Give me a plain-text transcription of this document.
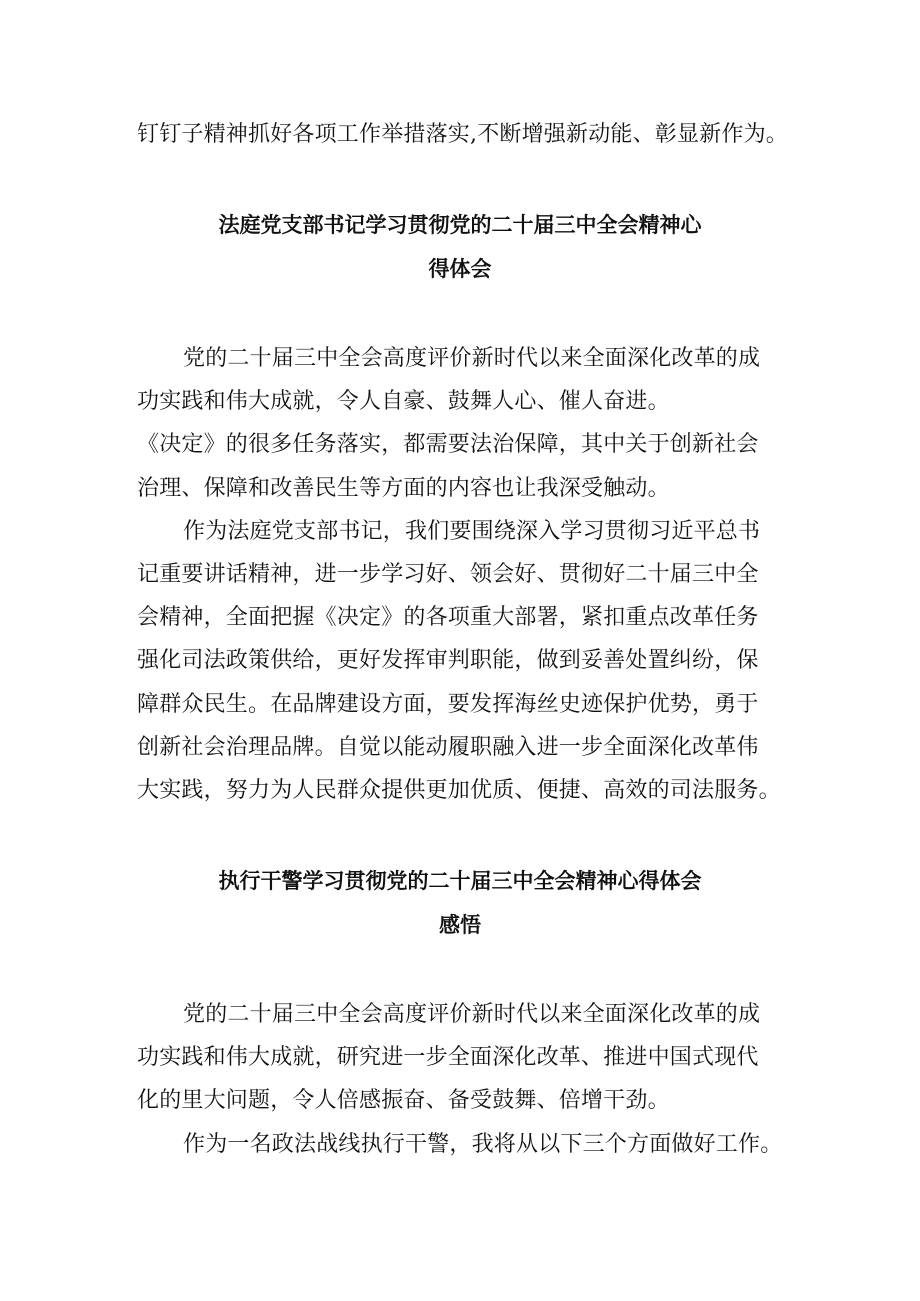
钉钉子精神抓好各项工作举措落实,不断增强新动能、彰显新作为。
法庭党支部书记学习贯彻党的二十届三中全会精神心
得体会
党的二十届三中全会高度评价新时代以来全面深化改革的成
功实践和伟大成就，令人自豪、鼓舞人心、催人奋进。
《决定》的很多任务落实，都需要法治保障，其中关于创新社会
治理、保障和改善民生等方面的内容也让我深受触动。
作为法庭党支部书记，我们要围绕深入学习贯彻习近平总书
记重要讲话精神，进一步学习好、领会好、贯彻好二十届三中全
会精神，全面把握《决定》的各项重大部署，紧扣重点改革任务
强化司法政策供给，更好发挥审判职能，做到妥善处置纠纷，保
障群众民生。在品牌建设方面，要发挥海丝史迹保护优势，勇于
创新社会治理品牌。自觉以能动履职融入进一步全面深化改革伟
大实践，努力为人民群众提供更加优质、便捷、高效的司法服务。
执行干警学习贯彻党的二十届三中全会精神心得体会
感悟
党的二十届三中全会高度评价新时代以来全面深化改革的成
功实践和伟大成就，研究进一步全面深化改革、推进中国式现代
化的里大问题，令人倍感振奋、备受鼓舞、倍增干劲。
作为一名政法战线执行干警，我将从以下三个方面做好工作。
